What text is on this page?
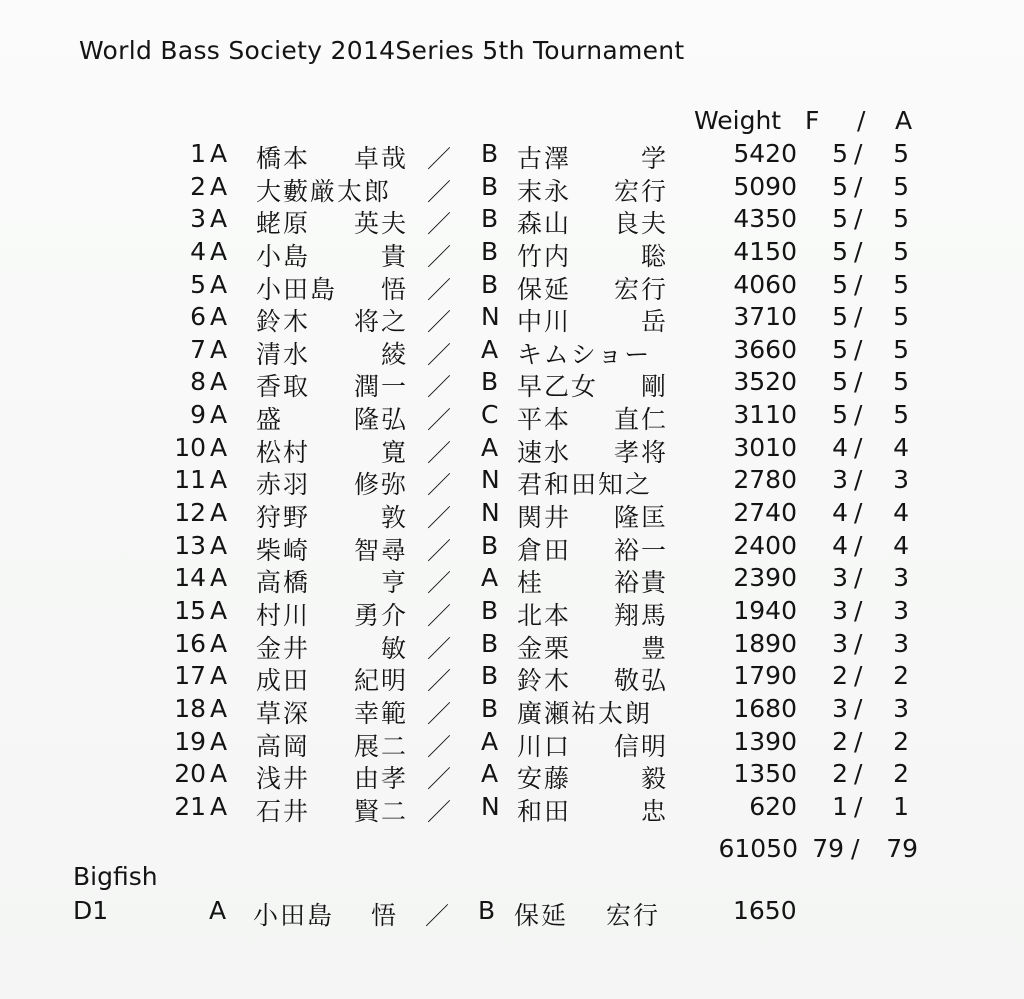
World Bass Society 2014Series 5th Tournament
Weight F / A
1 A 橋本 卓哉 ／ B 古澤	学	5420 5 / 5
2 A 大藪厳太郎 ／ B 末永 宏行	5090 5 / 5
3 A 蛯原 英夫 ／ B 森山 良夫	4350 5 / 5
4 A 小島	貴 ／ B 竹内	聡	4150 5 / 5
5 A 小田島 悟 ／ B 保延 宏行	4060 5 / 5
6 A 鈴木 将之 ／ N 中川	岳	3710 5 / 5
7 A 清水	綾 ／ A キムショー	3660 5 / 5
8 A 香取 潤一 ／ B 早乙女 剛	3520 5 / 5
9 A 盛	隆弘 ／ C 平本 直仁	3110 5 / 5
10 A 松村	寛 ／ A 速水 孝将	3010 4 / 4
11 A 赤羽 修弥 ／ N 君和田知之	2780 3 / 3
12 A 狩野	敦 ／ N 関井 隆匡	2740 4 / 4
13 A 柴崎 智尋 ／ B 倉田 裕一	2400 4 / 4
14 A 高橋	亨 ／ A 桂	裕貴	2390 3 / 3
15 A 村川 勇介 ／ B 北本 翔馬	1940 3 / 3
16 A 金井	敏 ／ B 金栗	豊	1890 3 / 3
17 A 成田 紀明 ／ B 鈴木 敬弘	1790 2 / 2
18 A 草深 幸範 ／ B 廣瀬祐太朗	1680 3 / 3
19 A 高岡 展二 ／ A 川口 信明	1390 2 / 2
20 A 浅井 由孝 ／ A 安藤	毅	1350 2 / 2
21 A 石井 賢二 ／ N 和田	忠	620 1 / 1
61050 79 / 79
Bigfish
D1	A 小田島 悟 ／ B 保延 宏行	1650
